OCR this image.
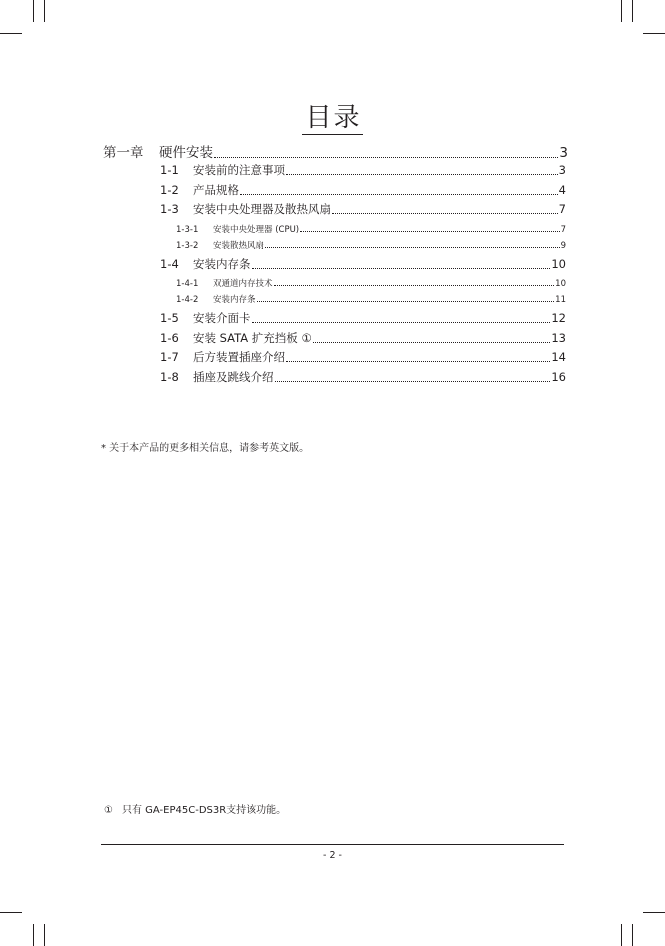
目录
第一章	硬件安装	3
1-1	安装前的注意事项	3
1-2	产品规格	4
1-3	安装中央处理器及散热风扇	7
1-3-1	安装中央处理器 (CPU)	7
1-3-2	安装散热风扇	9
1-4	安装内存条	10
1-4-1	双通道内存技术	10
1-4-2	安装内存条	11
1-5	安装介面卡	12
1-6	安装 SATA 扩充挡板 ①	13
1-7	后方装置插座介绍	14
1-8	插座及跳线介绍	16
* 关于本产品的更多相关信息，请参考英文版。
① 只有 GA-EP45C-DS3R支持该功能。
- 2 -
